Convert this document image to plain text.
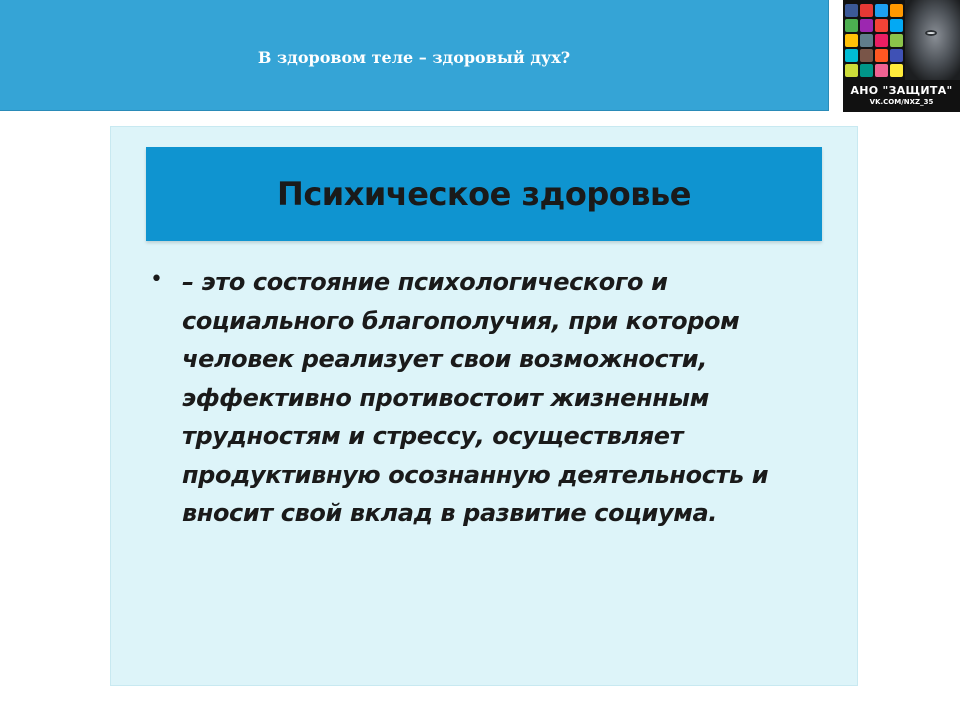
В здоровом теле – здоровый дух?
АНО "ЗАЩИТА"
VK.COM/NXZ_35
Психическое здоровье
• – это состояние психологического и социального благополучия, при котором человек реализует свои возможности, эффективно противостоит жизненным трудностям и стрессу, осуществляет продуктивную осознанную деятельность и вносит свой вклад в развитие социума.
